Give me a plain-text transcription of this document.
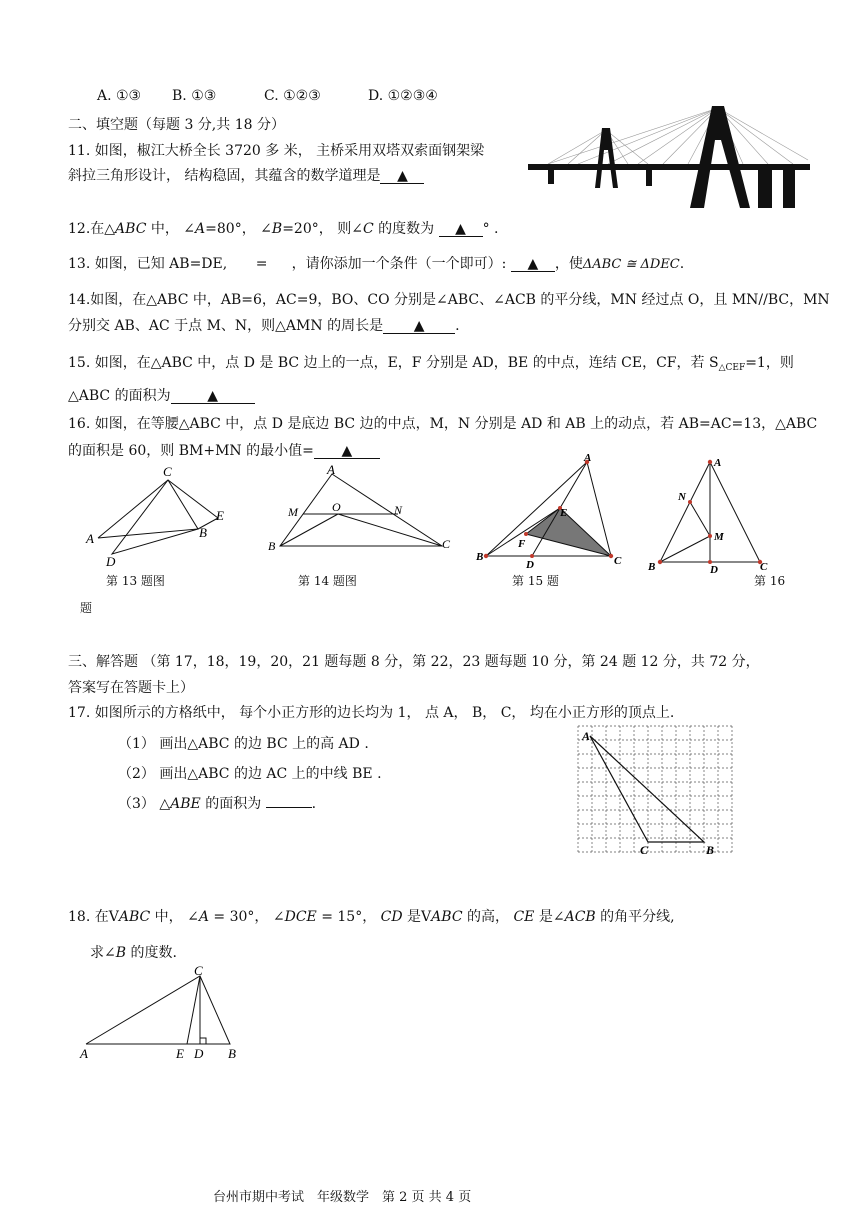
A. ①③ B. ①③	C. ①②③	D. ①②③④
二、填空题（每题 3 分,共 18 分）
11. 如图，椒江大桥全长 3720 多 米， 主桥采用双塔双索面钢架梁
斜拉三角形设计， 结构稳固，其蕴含的数学道理是 ▲
12.在△ABC 中， ∠A=80°， ∠B=20°， 则∠C 的度数为 ▲ ° .
13. 如图，已知 AB=DE, = ，请你添加一个条件（一个即可）: ▲ ，使ΔABC ≅ ΔDEC.
14.如图，在△ABC 中，AB=6，AC=9，BO、CO 分别是∠ABC、∠ACB 的平分线，MN 经过点 O，且 MN//BC，MN
分别交 AB、AC 于点 M、N，则△AMN 的周长是 ▲ .
15. 如图，在△ABC 中，点 D 是 BC 边上的一点，E，F 分别是 AD，BE 的中点，连结 CE，CF，若 $S_{\triangle CEF}=1$，则
△ABC 的面积为	▲
16. 如图，在等腰△ABC 中，点 D 是底边 BC 边的中点，M，N 分别是 AD 和 AB 上的动点，若 AB=AC=13，△ABC
的面积是 60，则 BM+MN 的最小值= ▲
A
C
E
B
D
第 13 题图
A
M	O	N
B	C
第 14 题图
A
E
F
B
D	C
第 15 题
A
N
M
B	D	C
第 16
题
三、解答题 （第 17，18，19，20，21 题每题 8 分，第 22，23 题每题 10 分，第 24 题 12 分，共 72 分，
答案写在答题卡上）
17. 如图所示的方格纸中， 每个小正方形的边长均为 1， 点 A， B， C， 均在小正方形的顶点上.
（1） 画出△ABC 的边 BC 上的高 AD .
（2） 画出△ABC 的边 AC 上的中线 BE .
（3） △ABE 的面积为	.
A
C	B
18. 在VABC 中， ∠A = 30°， ∠DCE = 15°， CD 是VABC 的高， CE 是∠ACB 的角平分线,
求∠B 的度数.
A
C
E D B
台州市期中考试　年级数学　第 2 页 共 4 页
